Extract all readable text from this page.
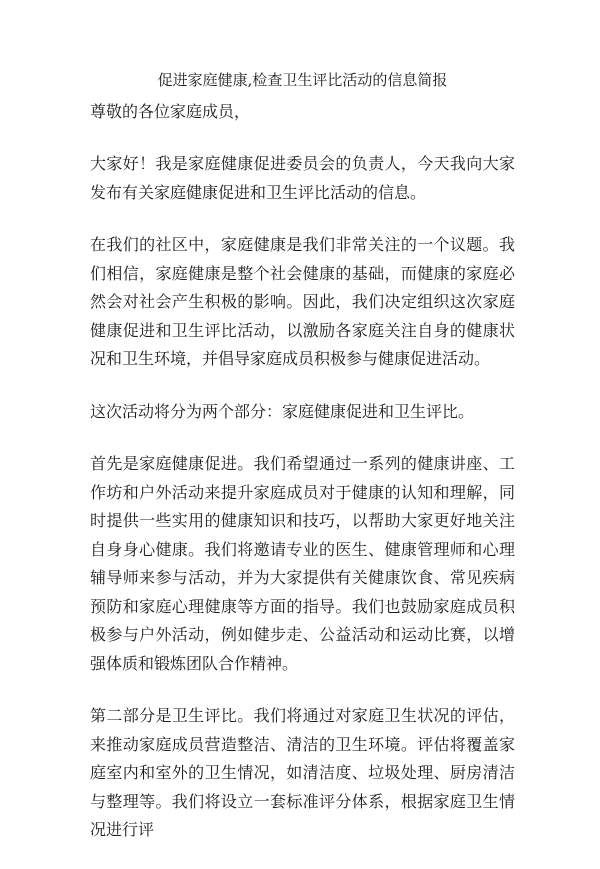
促进家庭健康,检查卫生评比活动的信息简报

尊敬的各位家庭成员，

大家好！我是家庭健康促进委员会的负责人，今天我向大家发布有关家庭健康促进和卫生评比活动的信息。

在我们的社区中，家庭健康是我们非常关注的一个议题。我们相信，家庭健康是整个社会健康的基础，而健康的家庭必然会对社会产生积极的影响。因此，我们决定组织这次家庭健康促进和卫生评比活动，以激励各家庭关注自身的健康状况和卫生环境，并倡导家庭成员积极参与健康促进活动。

这次活动将分为两个部分：家庭健康促进和卫生评比。

首先是家庭健康促进。我们希望通过一系列的健康讲座、工作坊和户外活动来提升家庭成员对于健康的认知和理解，同时提供一些实用的健康知识和技巧，以帮助大家更好地关注自身身心健康。我们将邀请专业的医生、健康管理师和心理辅导师来参与活动，并为大家提供有关健康饮食、常见疾病预防和家庭心理健康等方面的指导。我们也鼓励家庭成员积极参与户外活动，例如健步走、公益活动和运动比赛，以增强体质和锻炼团队合作精神。

第二部分是卫生评比。我们将通过对家庭卫生状况的评估，来推动家庭成员营造整洁、清洁的卫生环境。评估将覆盖家庭室内和室外的卫生情况，如清洁度、垃圾处理、厨房清洁与整理等。我们将设立一套标准评分体系，根据家庭卫生情况进行评
